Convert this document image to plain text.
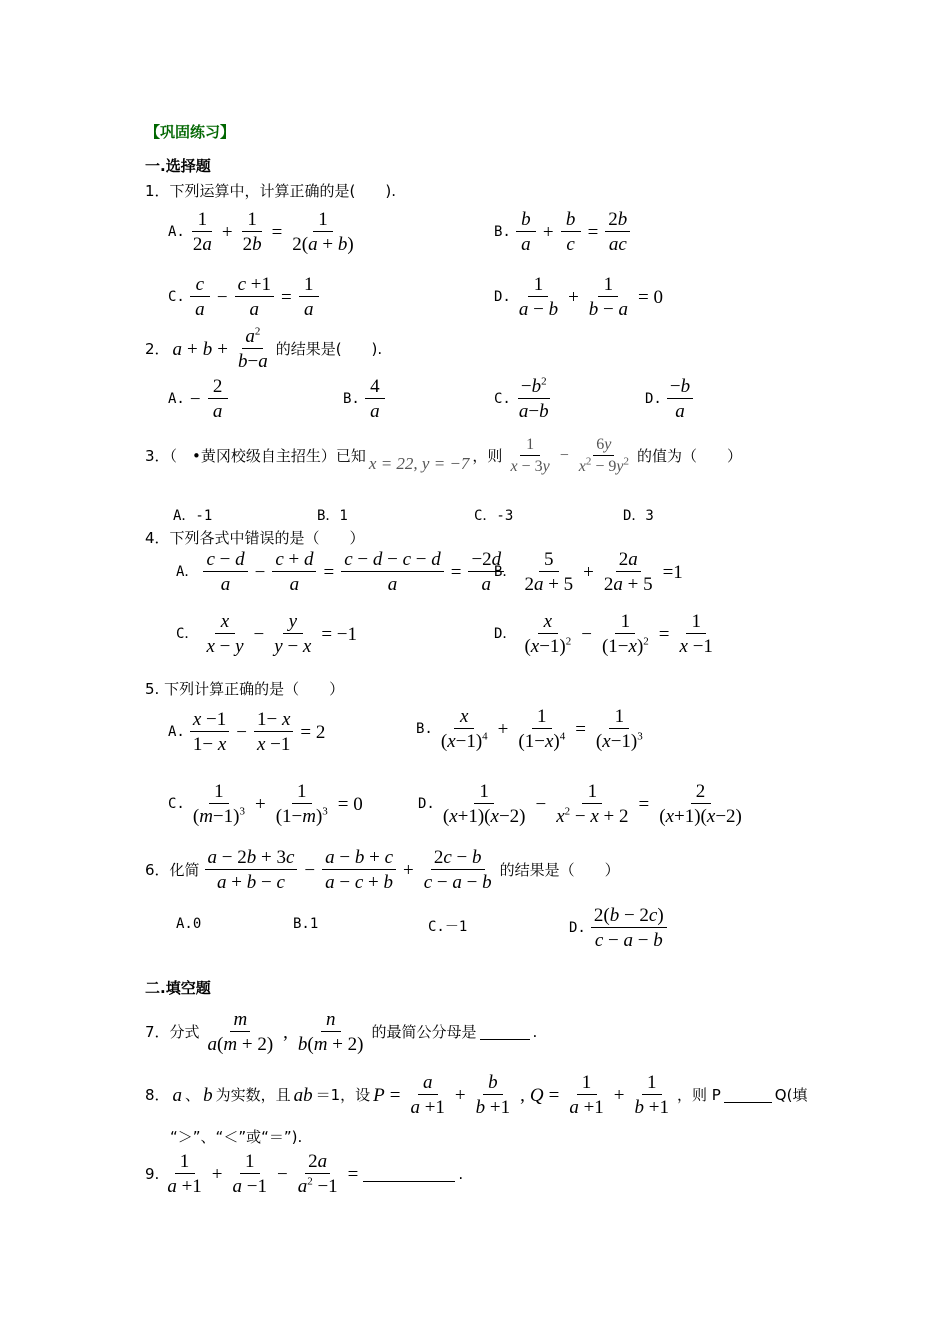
【巩固练习】
一.选择题
1．下列运算中，计算正确的是(　　).
A. $\frac{1}{2a} + \frac{1}{2b} = \frac{1}{2(a + b)}$	B. $\frac{b}{a} + \frac{b}{c} = \frac{2b}{ac}$
C. $\frac{c}{a} - \frac{c +1}{a} = \frac{1}{a}$	D. $\frac{1}{a - b} + \frac{1}{b - a} = 0$
2． $a + b + \frac{a^2}{b-a}$ 的结果是(　　).
A. − $\frac{2}{a}$	B. $\frac{4}{a}$	C. $\frac{-b^2}{a-b}$	D. $\frac{-b}{a}$
3．（　•黄冈校级自主招生）已知 x = 22, y = −7 ，则 $\frac{1}{x - 3y} - \frac{6y}{x^2 - 9y^2}$ 的值为（　　）
A．-1	B．1	C．-3	D．3
4．下列各式中错误的是（　　）
A． $\frac{c - d}{a} - \frac{c + d}{a} = \frac{c - d - c - d}{a} = \frac{-2d}{a}$
B． $\frac{5}{2a + 5} + \frac{2a}{2a + 5} =1$
C． $\frac{x}{x - y} - \frac{y}{y - x} = -1$	D． $\frac{x}{(x-1)^2} - \frac{1}{(1-x)^2} = \frac{1}{x -1}$
5. 下列计算正确的是（　　）
A. $\frac{x -1}{1- x} - \frac{1- x}{x -1} = 2$	B. $\frac{x}{(x-1)^4} + \frac{1}{(1-x)^4} = \frac{1}{(x-1)^3}$
C. $\frac{1}{(m-1)^3} + \frac{1}{(1-m)^3} = 0$	D. $\frac{1}{(x+1)(x-2)} - \frac{1}{x^2 - x + 2} = \frac{2}{(x+1)(x-2)}$
6．化简 $\frac{a - 2b + 3c}{a + b - c} - \frac{a - b + c}{a - c + b} + \frac{2c - b}{c - a - b}$ 的结果是（　　）
A.0	B.1	C.－1	D. $\frac{2(b - 2c)}{c - a - b}$
二.填空题
7．分式 $\frac{m}{a(m + 2)}$ , $\frac{n}{b(m + 2)}$ 的最简公分母是	.
8． a 、 b 为实数，且 ab ＝1，设 $P = \frac{a}{a +1} + \frac{b}{b +1}$ , $Q = \frac{1}{a +1} + \frac{1}{b +1}$ ，则 P	Q(填
“＞”、“＜”或“＝”).
9. $\frac{1}{a +1} + \frac{1}{a -1} - \frac{2a}{a^2 -1}$ =	.
